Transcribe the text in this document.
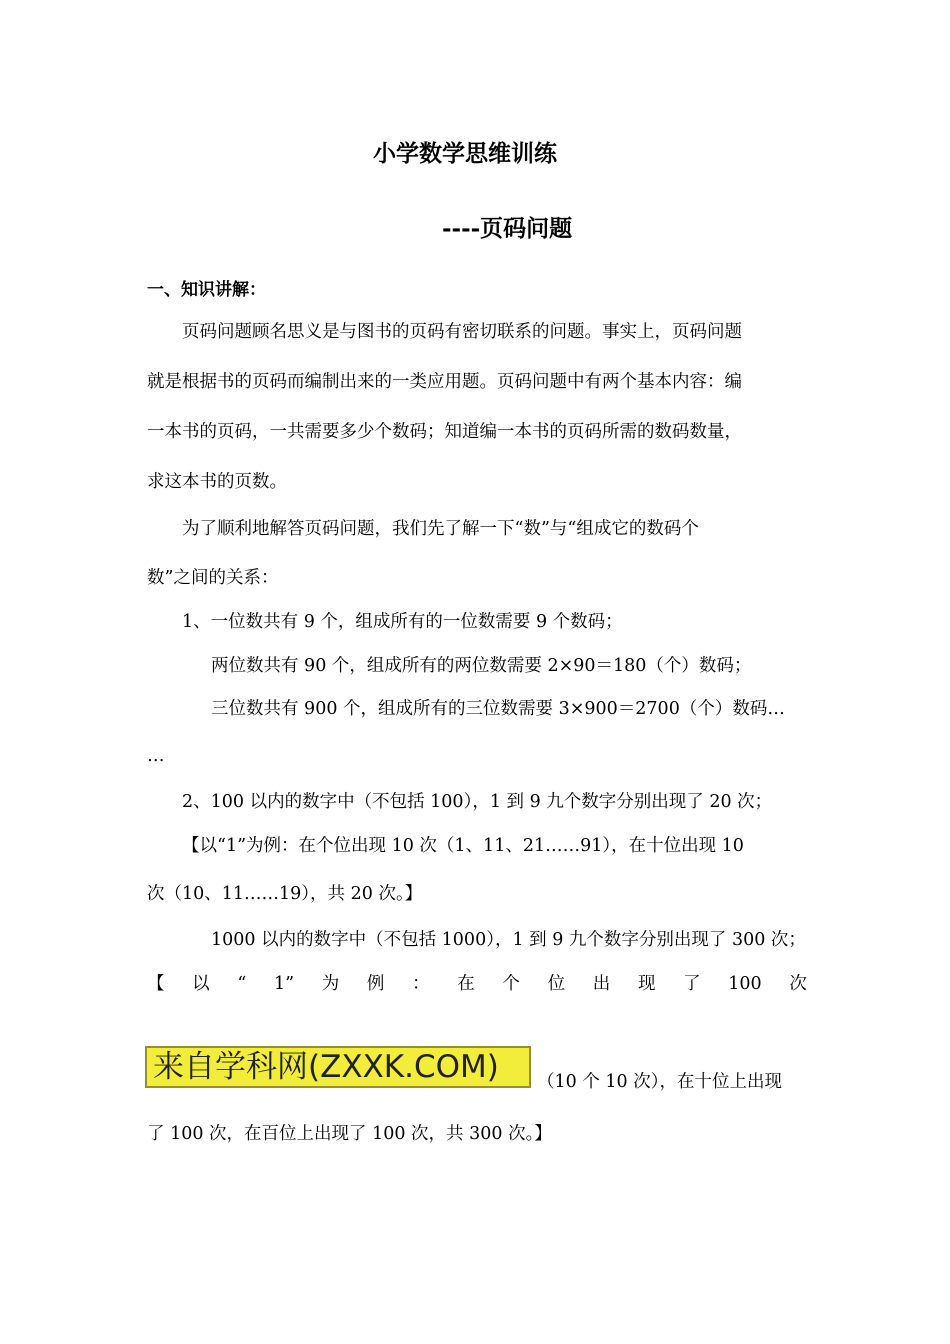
小学数学思维训练
----页码问题
一、知识讲解：
页码问题顾名思义是与图书的页码有密切联系的问题。事实上，页码问题
就是根据书的页码而编制出来的一类应用题。页码问题中有两个基本内容：编
一本书的页码，一共需要多少个数码；知道编一本书的页码所需的数码数量，
求这本书的页数。
为了顺利地解答页码问题，我们先了解一下“数”与“组成它的数码个
数”之间的关系：
1、一位数共有 9 个，组成所有的一位数需要 9 个数码；
两位数共有 90 个，组成所有的两位数需要 2×90＝180（个）数码；
三位数共有 900 个，组成所有的三位数需要 3×900＝2700（个）数码…
…
2、100 以内的数字中（不包括 100），1 到 9 九个数字分别出现了 20 次；
【以“1”为例：在个位出现 10 次（1、11、21……91），在十位出现 10
次（10、11……19），共 20 次。】
1000 以内的数字中（不包括 1000），1 到 9 九个数字分别出现了 300 次；
【 以 “ 1” 为 例 ： 在 个 位 出 现 了 100 次
来自学科网(ZXXK.COM)	（10 个 10 次），在十位上出现
了 100 次，在百位上出现了 100 次，共 300 次。】
